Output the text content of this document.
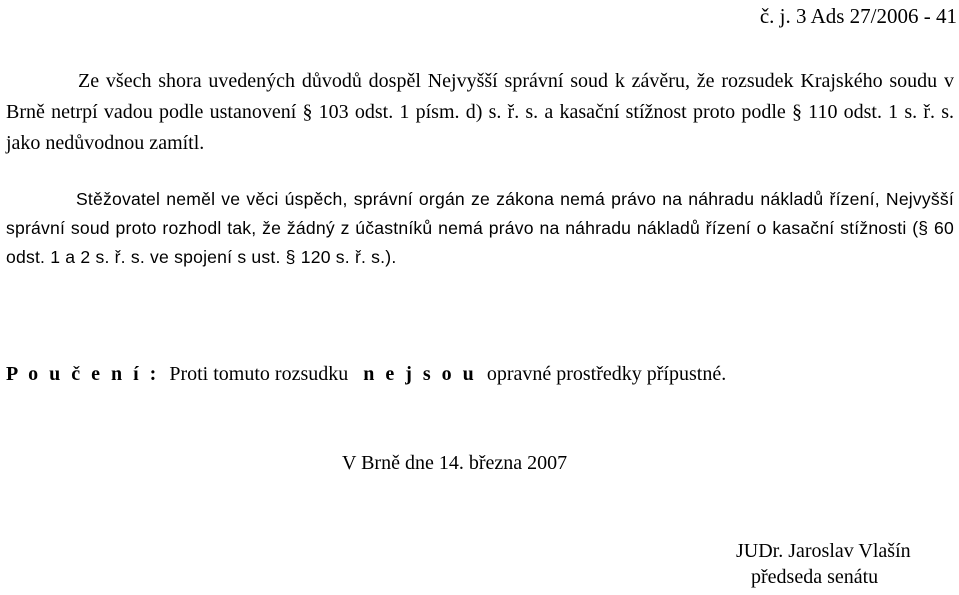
č. j. 3 Ads 27/2006 - 41
Ze všech shora uvedených důvodů dospěl Nejvyšší správní soud k závěru, že rozsudek Krajského soudu v Brně netrpí vadou podle ustanovení § 103 odst. 1 písm. d) s. ř. s. a kasační stížnost proto podle § 110 odst. 1 s. ř. s. jako nedůvodnou zamítl.
Stěžovatel neměl ve věci úspěch, správní orgán ze zákona nemá právo na náhradu nákladů řízení, Nejvyšší správní soud proto rozhodl tak, že žádný z účastníků nemá právo na náhradu nákladů řízení o kasační stížnosti (§ 60 odst. 1 a 2 s. ř. s. ve spojení s ust. § 120 s. ř. s.).
P o u č e n í : Proti tomuto rozsudku n e j s o u opravné prostředky přípustné.
V Brně dne 14. března 2007
JUDr. Jaroslav Vlašín
předseda senátu
